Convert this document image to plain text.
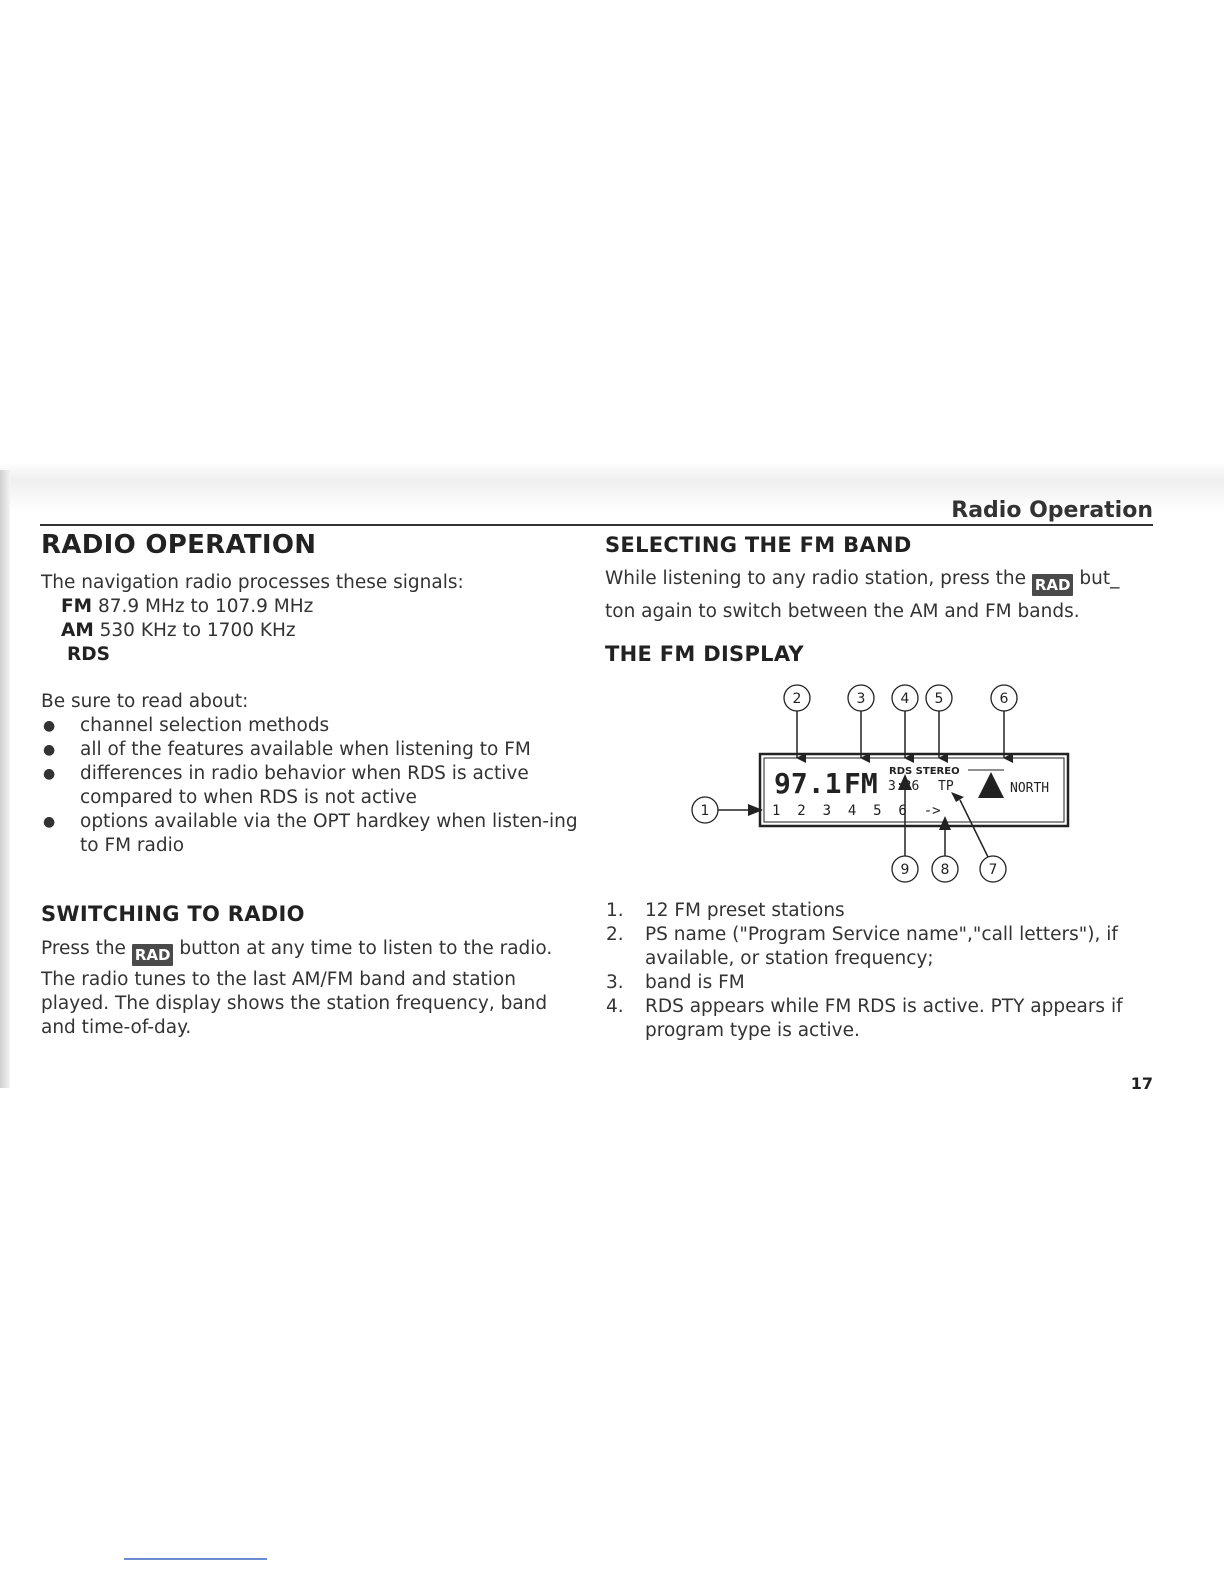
Radio Operation
RADIO OPERATION

The navigation radio processes these signals:

FM 87.9 MHz to 107.9 MHz
AM 530 KHz to 1700 KHz
RDS

Be sure to read about:

● channel selection methods
● all of the features available when listening to FM
● differences in radio behavior when RDS is active compared to when RDS is not active
● options available via the OPT hardkey when listen-ing to FM radio
SWITCHING TO RADIO

Press the RAD button at any time to listen to the radio.

The radio tunes to the last AM/FM band and station played. The display shows the station frequency, band and time-of-day.

SELECTING THE FM BAND

While listening to any radio station, press the RAD but_

ton again to switch between the AM and FM bands.

THE FM DISPLAY
2	3	4 5	6
1
9 8	7
97.1 FM RDS STEREO
3:26 TP	NORTH
1  2  3  4  5  6  ->
1. 12 FM preset stations
2. PS name ("Program Service name","call letters"), if available, or station frequency;
3. band is FM
4. RDS appears while FM RDS is active. PTY appears if program type is active.
17
